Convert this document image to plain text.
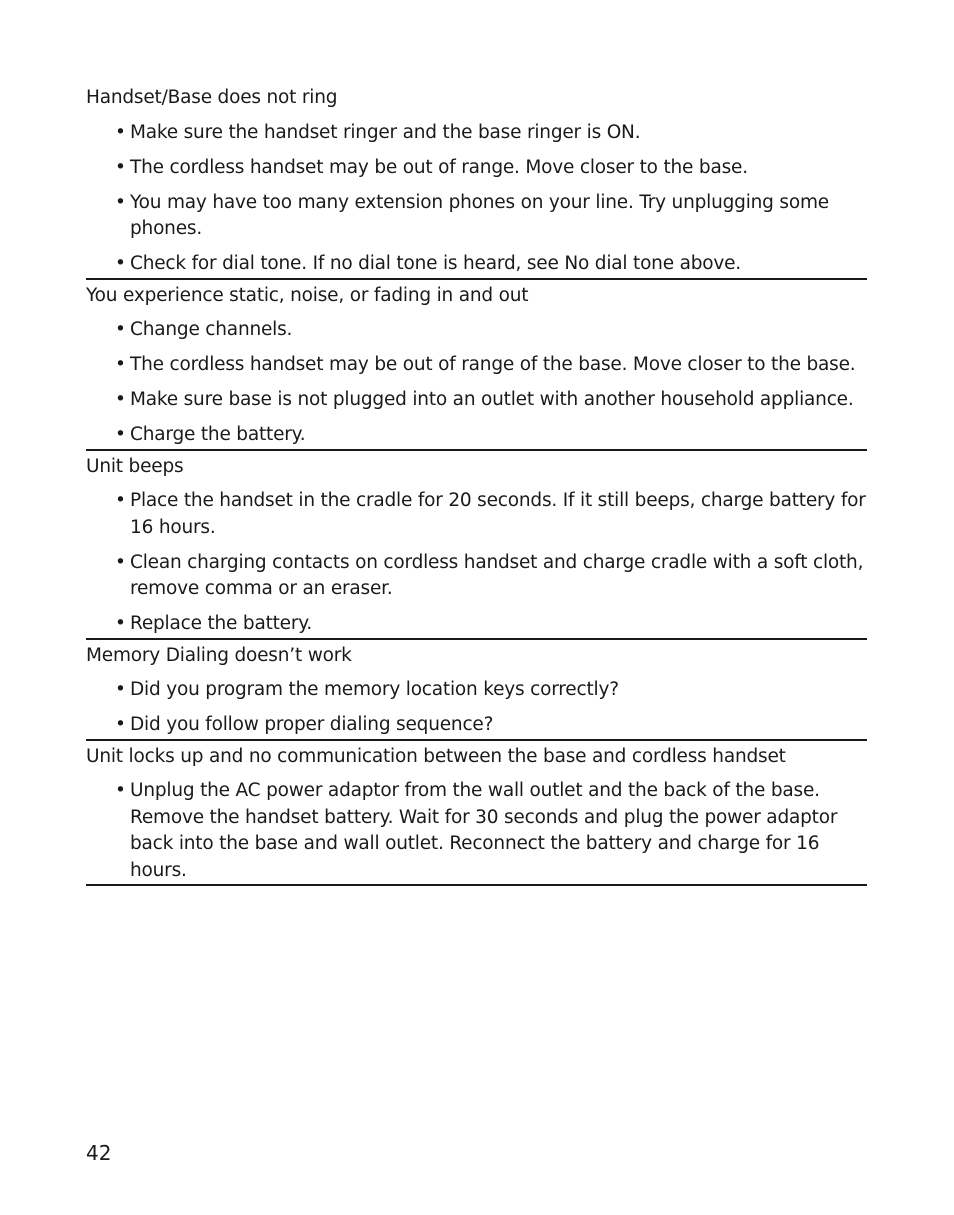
Handset/Base does not ring
• Make sure the handset ringer and the base ringer is ON.
• The cordless handset may be out of range. Move closer to the base.
• You may have too many extension phones on your line. Try unplugging some phones.
• Check for dial tone. If no dial tone is heard, see No dial tone above.
You experience static, noise, or fading in and out
• Change channels.
• The cordless handset may be out of range of the base. Move closer to the base.
• Make sure base is not plugged into an outlet with another household appliance.
• Charge the battery.
Unit beeps
• Place the handset in the cradle for 20 seconds. If it still beeps, charge battery for 16 hours.
• Clean charging contacts on cordless handset and charge cradle with a soft cloth, remove comma or an eraser.
• Replace the battery.
Memory Dialing doesn’t work
• Did you program the memory location keys correctly?
• Did you follow proper dialing sequence?
Unit locks up and no communication between the base and cordless handset
• Unplug the AC power adaptor from the wall outlet and the back of the base. Remove the handset battery. Wait for 30 seconds and plug the power adaptor back into the base and wall outlet. Reconnect the battery and charge for 16 hours.
42
